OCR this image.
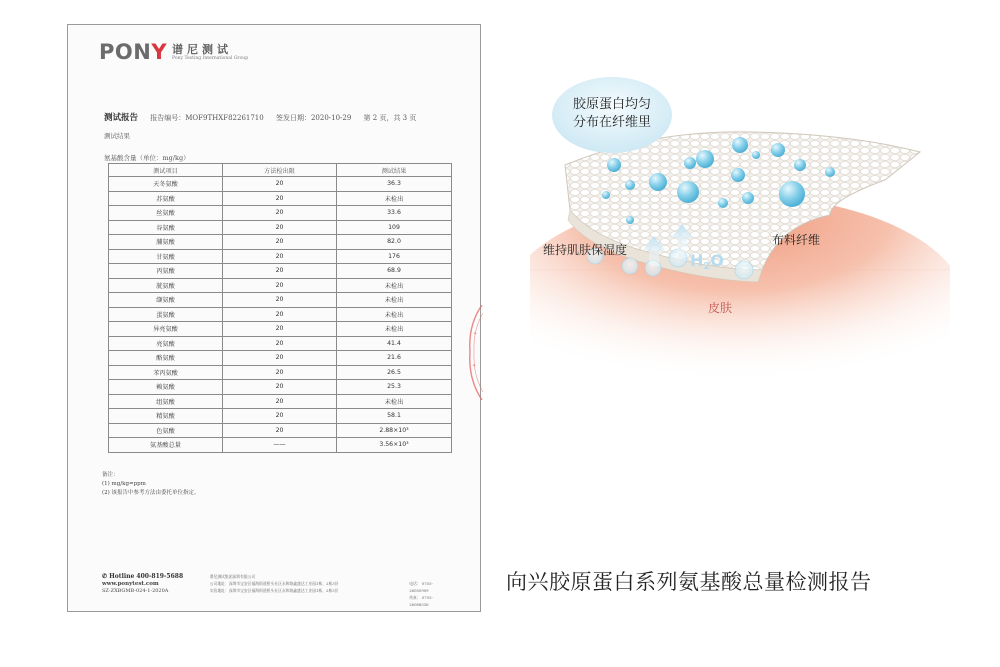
PONY 谱尼测试
Pony Testing International Group
测试报告 报告编号：MOF9THXF82261710 签发日期：2020-10-29 第 2 页，共 3 页
测试结果
氨基酸含量（单位：mg/kg）
测试项目	方法检出限	测试结果
天冬氨酸	20	36.3
苏氨酸	20	未检出
丝氨酸	20	33.6
谷氨酸	20	109
脯氨酸	20	82.0
甘氨酸	20	176
丙氨酸	20	68.9
胱氨酸	20	未检出
缬氨酸	20	未检出
蛋氨酸	20	未检出
异亮氨酸	20	未检出
亮氨酸	20	41.4
酪氨酸	20	21.6
苯丙氨酸	20	26.5
赖氨酸	20	25.3
组氨酸	20	未检出
精氨酸	20	58.1
色氨酸	20	2.88×10³
氨基酸总量	——	3.56×10³
备注：
(1) mg/kg=ppm
(2) 该报告中参考方法由委托单位指定。
✆ Hotline 400-819-5688
www.ponytest.com
SZ-ZXBGMB-024-1-2020A
谱尼测试集团深圳有限公司
公司地址：深圳市宝安区福海街道桥头社区永和路鑫盛达工业园1栋、2栋3层
实验地址：深圳市宝安区福海街道桥头社区永和路鑫盛达工业园1栋、2栋3层

电话： 0755-26050909
传真： 0755-26068536
✦
✦
胶原蛋白均匀
分布在纤维里
维持肌肤保湿度
布料纤维
H2O
皮肤
向兴胶原蛋白系列氨基酸总量检测报告
